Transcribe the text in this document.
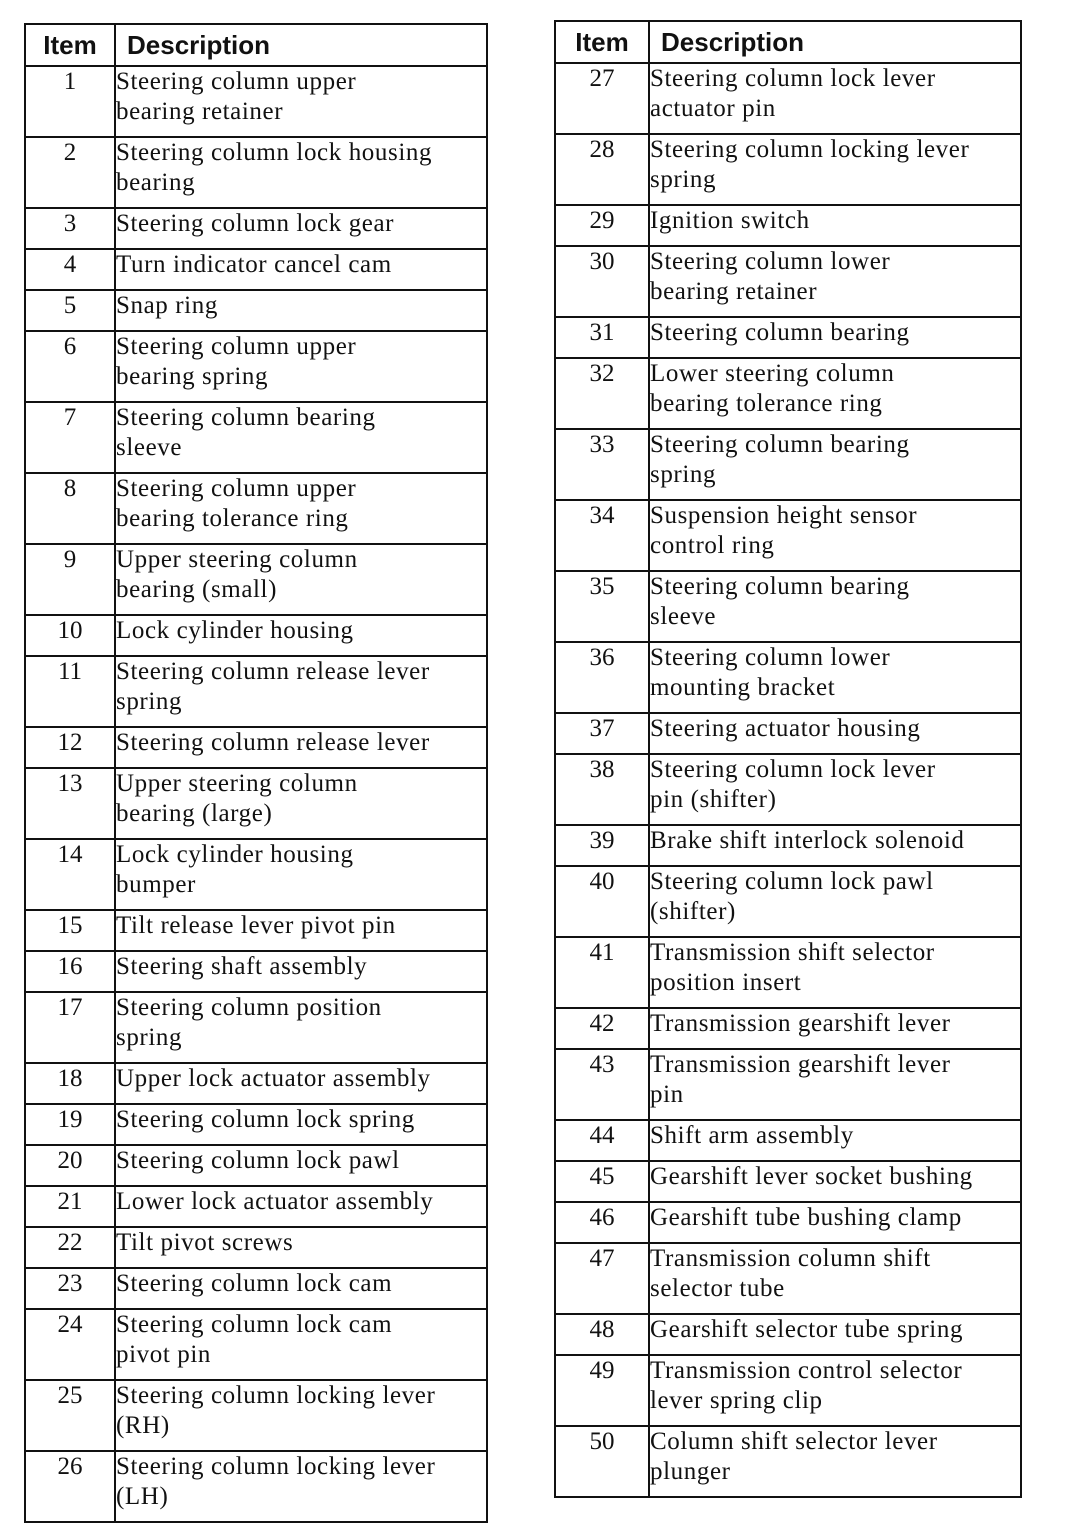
Item	Description
1	Steering column upper
bearing retainer

2	Steering column lock housing
bearing

3	Steering column lock gear

4	Turn indicator cancel cam

5	Snap ring

6	Steering column upper
bearing spring

7	Steering column bearing
sleeve

8	Steering column upper
bearing tolerance ring

9	Upper steering column
bearing (small)

10	Lock cylinder housing

11	Steering column release lever
spring

12	Steering column release lever

13	Upper steering column
bearing (large)

14	Lock cylinder housing
bumper

15	Tilt release lever pivot pin

16	Steering shaft assembly

17	Steering column position
spring

18	Upper lock actuator assembly

19	Steering column lock spring

20	Steering column lock pawl

21	Lower lock actuator assembly

22	Tilt pivot screws

23	Steering column lock cam

24	Steering column lock cam
pivot pin

25	Steering column locking lever
(RH)

26	Steering column locking lever
(LH)
Item	Description
27	Steering column lock lever
actuator pin

28	Steering column locking lever
spring

29	Ignition switch

30	Steering column lower
bearing retainer

31	Steering column bearing

32	Lower steering column
bearing tolerance ring

33	Steering column bearing
spring

34	Suspension height sensor
control ring

35	Steering column bearing
sleeve

36	Steering column lower
mounting bracket

37	Steering actuator housing

38	Steering column lock lever
pin (shifter)

39	Brake shift interlock solenoid

40	Steering column lock pawl
(shifter)

41	Transmission shift selector
position insert

42	Transmission gearshift lever

43	Transmission gearshift lever
pin

44	Shift arm assembly

45	Gearshift lever socket bushing

46	Gearshift tube bushing clamp

47	Transmission column shift
selector tube

48	Gearshift selector tube spring

49	Transmission control selector
lever spring clip

50	Column shift selector lever
plunger
